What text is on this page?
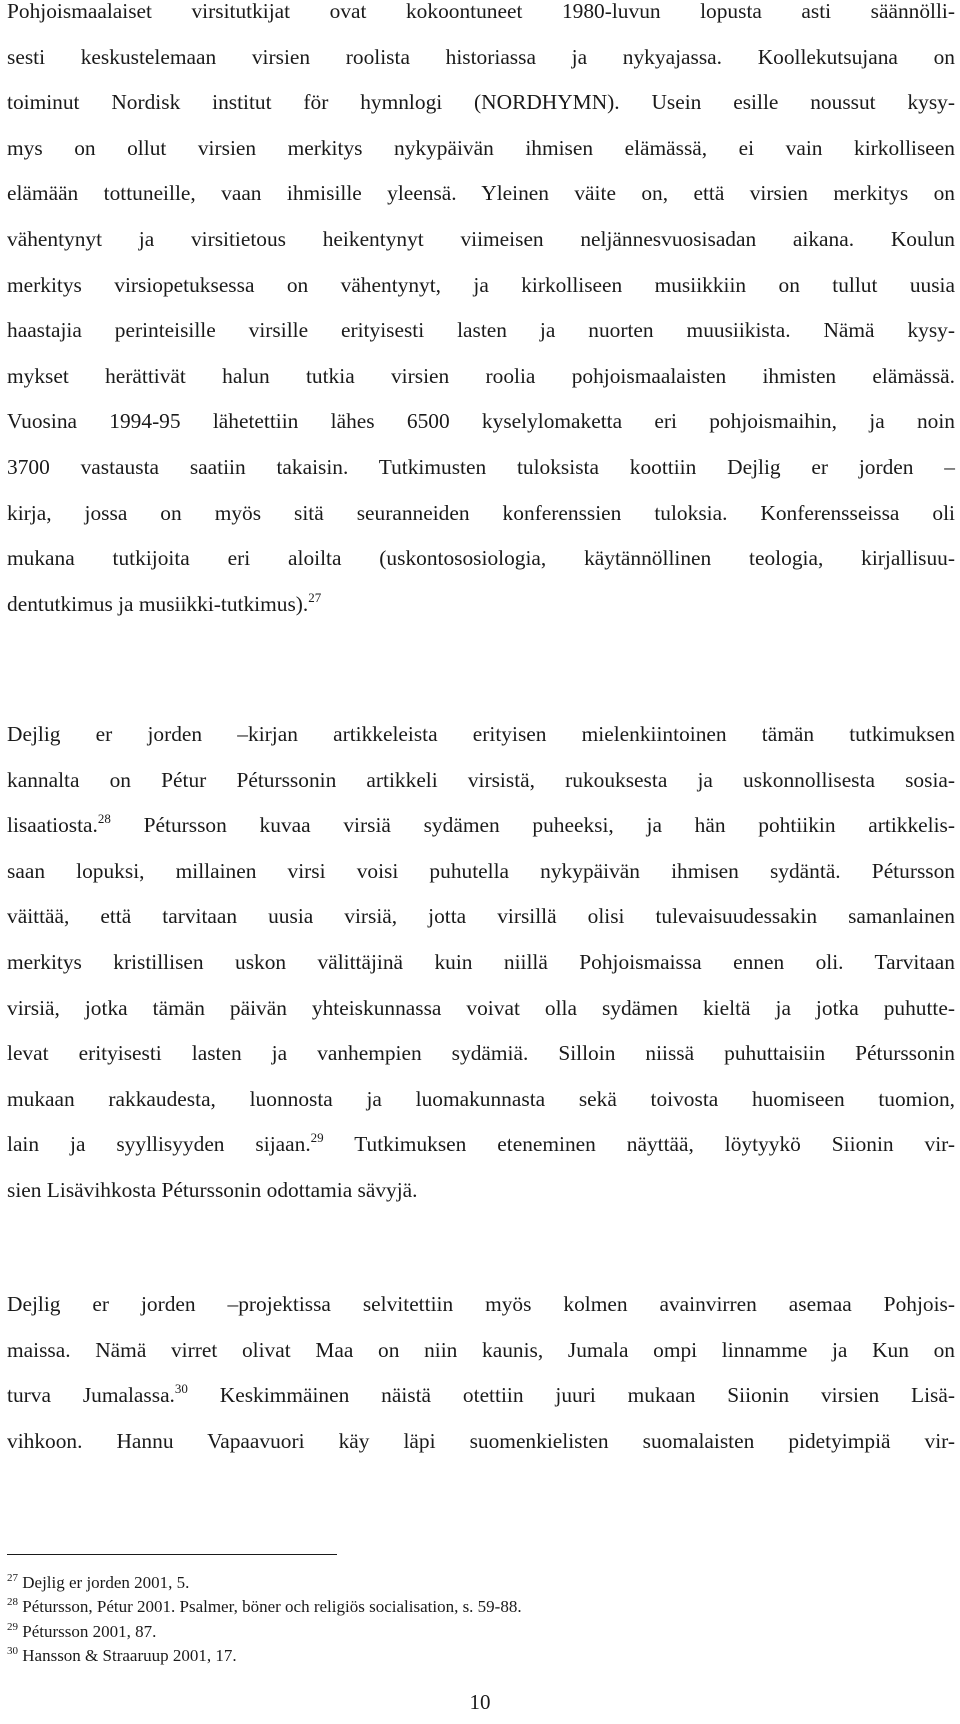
Pohjoismaalaiset virsitutkijat ovat kokoontuneet 1980-luvun lopusta asti säännölli-
sesti keskustelemaan virsien roolista historiassa ja nykyajassa. Koollekutsujana on
toiminut Nordisk institut för hymnlogi (NORDHYMN). Usein esille noussut kysy-
mys on ollut virsien merkitys nykypäivän ihmisen elämässä, ei vain kirkolliseen
elämään tottuneille, vaan ihmisille yleensä. Yleinen väite on, että virsien merkitys on
vähentynyt ja virsitietous heikentynyt viimeisen neljännesvuosisadan aikana. Koulun
merkitys virsiopetuksessa on vähentynyt, ja kirkolliseen musiikkiin on tullut uusia
haastajia perinteisille virsille erityisesti lasten ja nuorten muusiikista. Nämä kysy-
mykset herättivät halun tutkia virsien roolia pohjoismaalaisten ihmisten elämässä.
Vuosina 1994-95 lähetettiin lähes 6500 kyselylomaketta eri pohjoismaihin, ja noin
3700 vastausta saatiin takaisin. Tutkimusten tuloksista koottiin Dejlig er jorden –
kirja, jossa on myös sitä seuranneiden konferenssien tuloksia. Konferensseissa oli
mukana tutkijoita eri aloilta (uskontososiologia, käytännöllinen teologia, kirjallisuu-
dentutkimus ja musiikki-tutkimus).$^{27}$

Dejlig er jorden –kirjan artikkeleista erityisen mielenkiintoinen tämän tutkimuksen
kannalta on Pétur Péturssonin artikkeli virsistä, rukouksesta ja uskonnollisesta sosia-
lisaatiosta.$^{28}$ Pétursson kuvaa virsiä sydämen puheeksi, ja hän pohtiikin artikkelis-
saan lopuksi, millainen virsi voisi puhutella nykypäivän ihmisen sydäntä. Pétursson
väittää, että tarvitaan uusia virsiä, jotta virsillä olisi tulevaisuudessakin samanlainen
merkitys kristillisen uskon välittäjinä kuin niillä Pohjoismaissa ennen oli. Tarvitaan
virsiä, jotka tämän päivän yhteiskunnassa voivat olla sydämen kieltä ja jotka puhutte-
levat erityisesti lasten ja vanhempien sydämiä. Silloin niissä puhuttaisiin Péturssonin
mukaan rakkaudesta, luonnosta ja luomakunnasta sekä toivosta huomiseen tuomion,
lain ja syyllisyyden sijaan.$^{29}$ Tutkimuksen eteneminen näyttää, löytyykö Siionin vir-
sien Lisävihkosta Péturssonin odottamia sävyjä.

Dejlig er jorden –projektissa selvitettiin myös kolmen avainvirren asemaa Pohjois-
maissa. Nämä virret olivat Maa on niin kaunis, Jumala ompi linnamme ja Kun on
turva Jumalassa.$^{30}$ Keskimmäinen näistä otettiin juuri mukaan Siionin virsien Lisä-
vihkoon. Hannu Vapaavuori käy läpi suomenkielisten suomalaisten pidetyimpiä vir-

$^{27}$ Dejlig er jorden 2001, 5.
$^{28}$ Pétursson, Pétur 2001. Psalmer, böner och religiös socialisation, s. 59-88.
$^{29}$ Pétursson 2001, 87.
$^{30}$ Hansson & Straaruup 2001, 17.
10
